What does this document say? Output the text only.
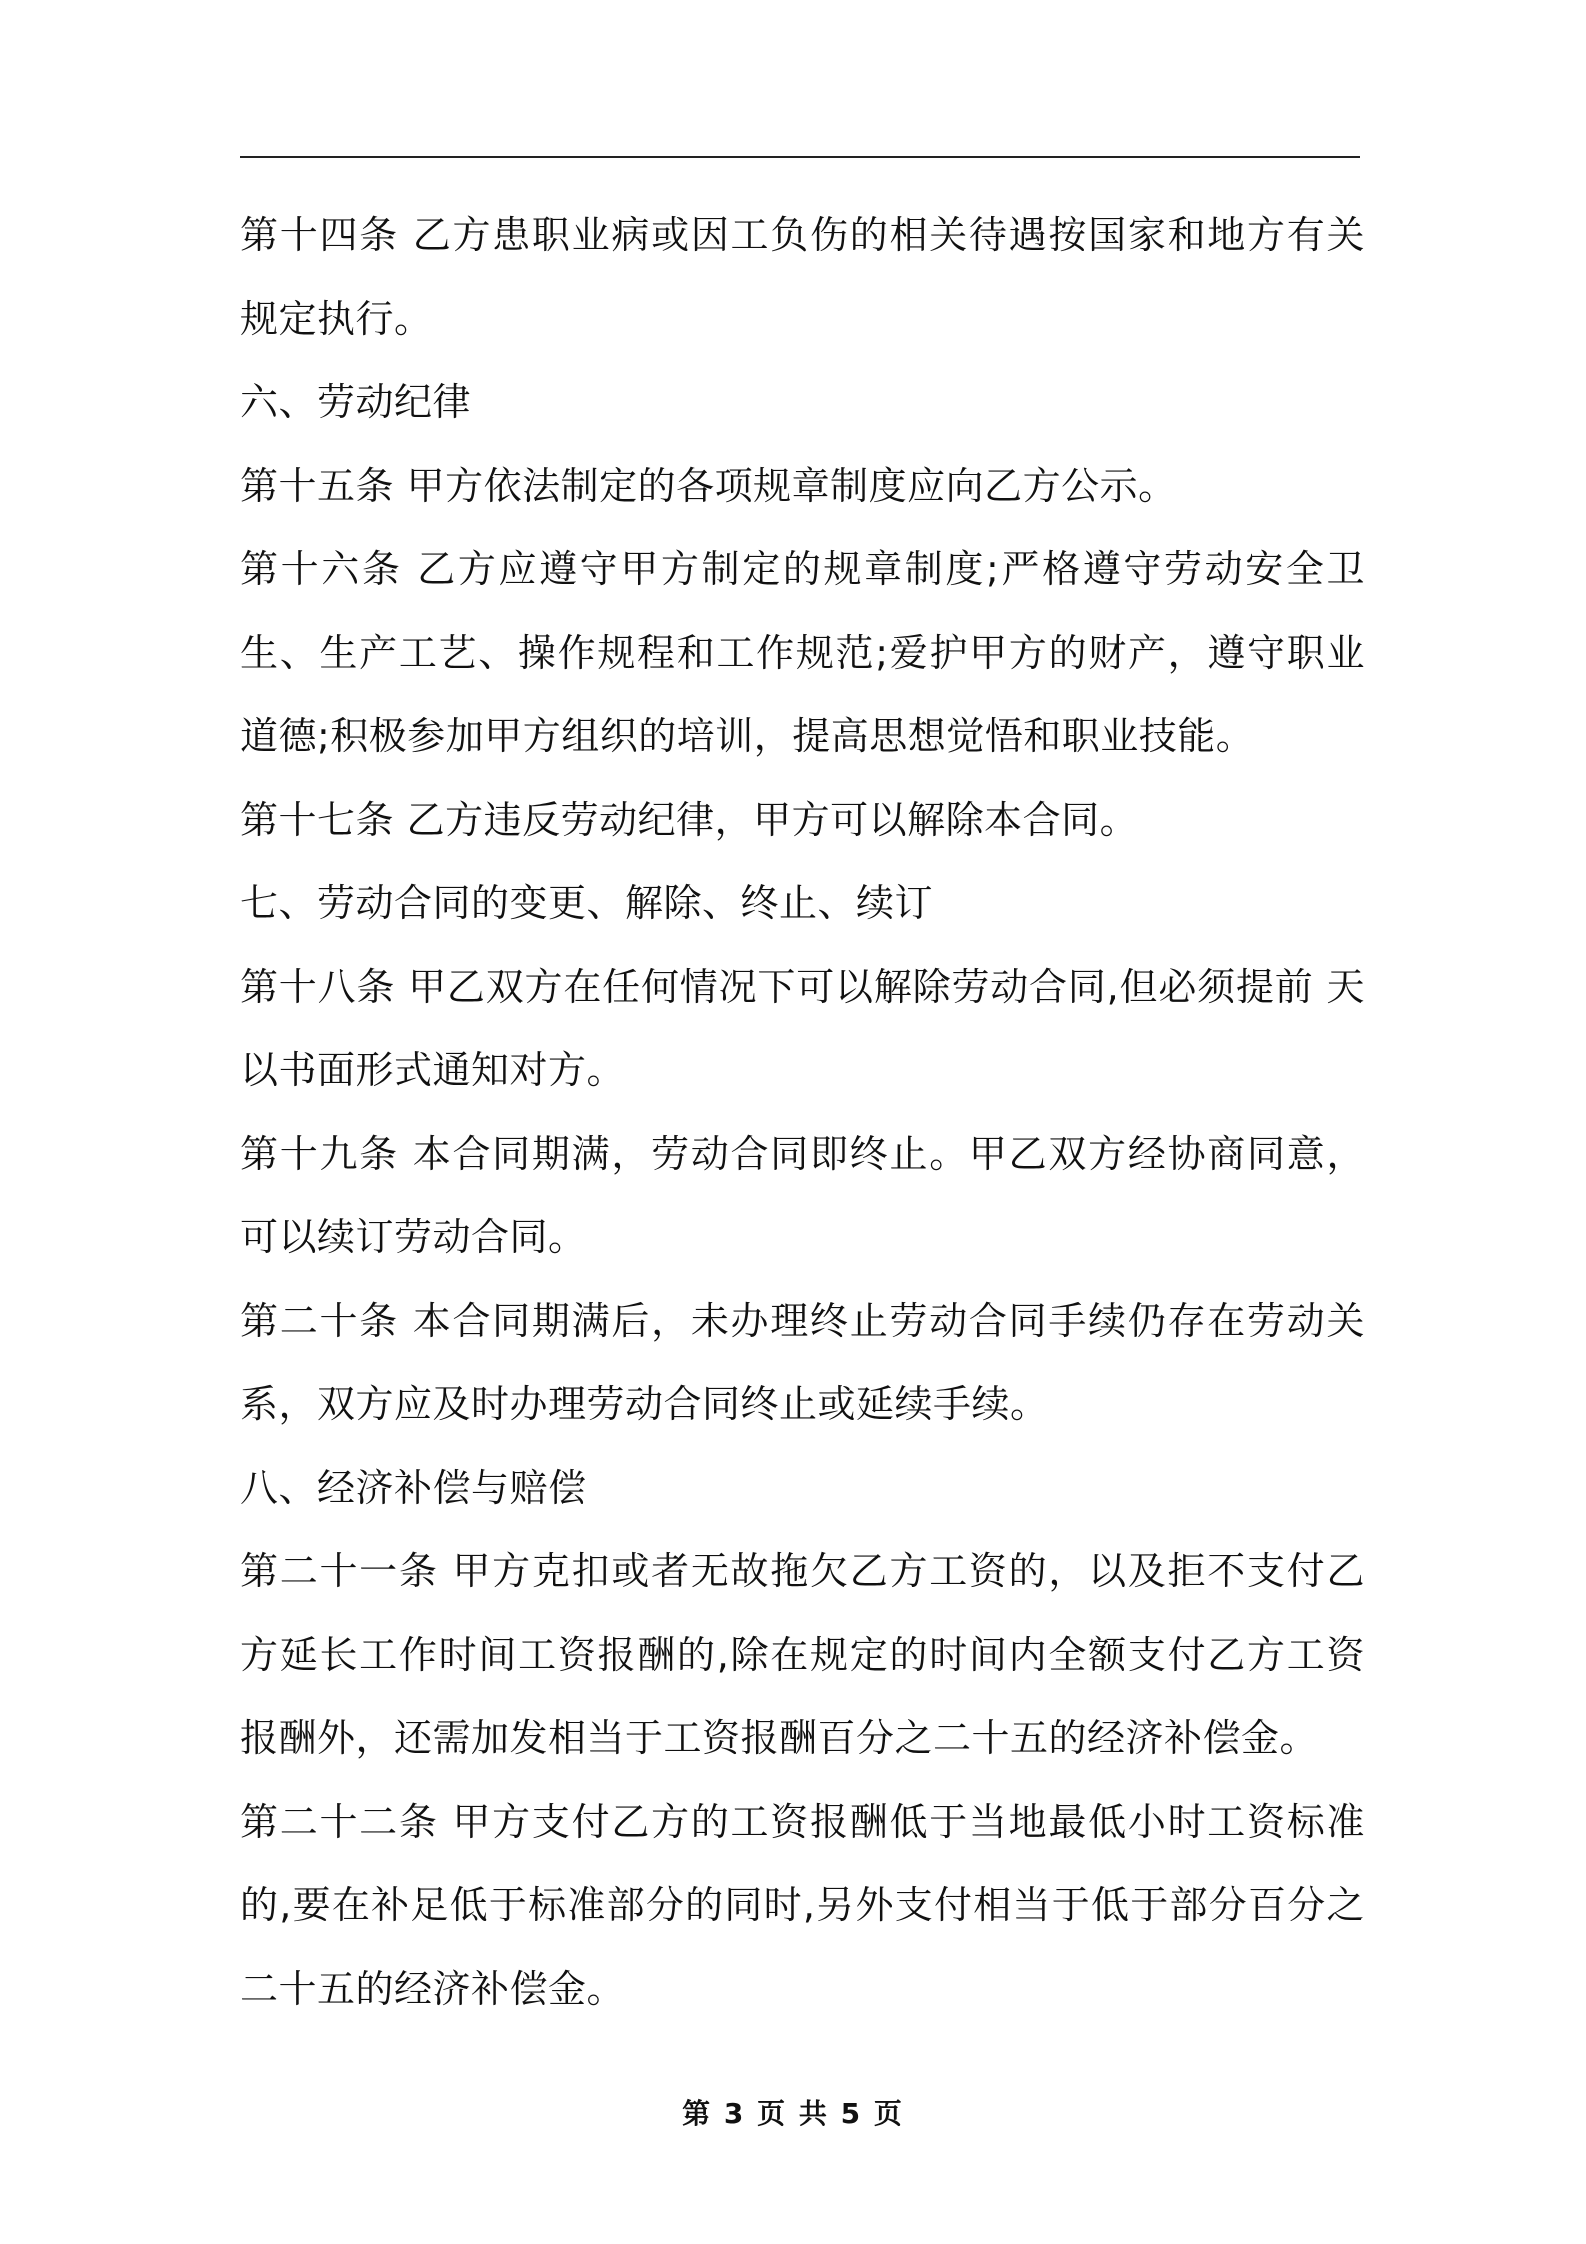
第十四条 乙方患职业病或因工负伤的相关待遇按国家和地方有关规定执行。

六、劳动纪律

第十五条 甲方依法制定的各项规章制度应向乙方公示。

第十六条 乙方应遵守甲方制定的规章制度;严格遵守劳动安全卫生、生产工艺、操作规程和工作规范;爱护甲方的财产，遵守职业道德;积极参加甲方组织的培训，提高思想觉悟和职业技能。

第十七条 乙方违反劳动纪律，甲方可以解除本合同。

七、劳动合同的变更、解除、终止、续订

第十八条 甲乙双方在任何情况下可以解除劳动合同,但必须提前 天以书面形式通知对方。

第十九条 本合同期满，劳动合同即终止。甲乙双方经协商同意，可以续订劳动合同。

第二十条 本合同期满后，未办理终止劳动合同手续仍存在劳动关系，双方应及时办理劳动合同终止或延续手续。

八、经济补偿与赔偿

第二十一条 甲方克扣或者无故拖欠乙方工资的，以及拒不支付乙方延长工作时间工资报酬的,除在规定的时间内全额支付乙方工资报酬外，还需加发相当于工资报酬百分之二十五的经济补偿金。

第二十二条 甲方支付乙方的工资报酬低于当地最低小时工资标准的,要在补足低于标准部分的同时,另外支付相当于低于部分百分之二十五的经济补偿金。

第 3 页 共 5 页
